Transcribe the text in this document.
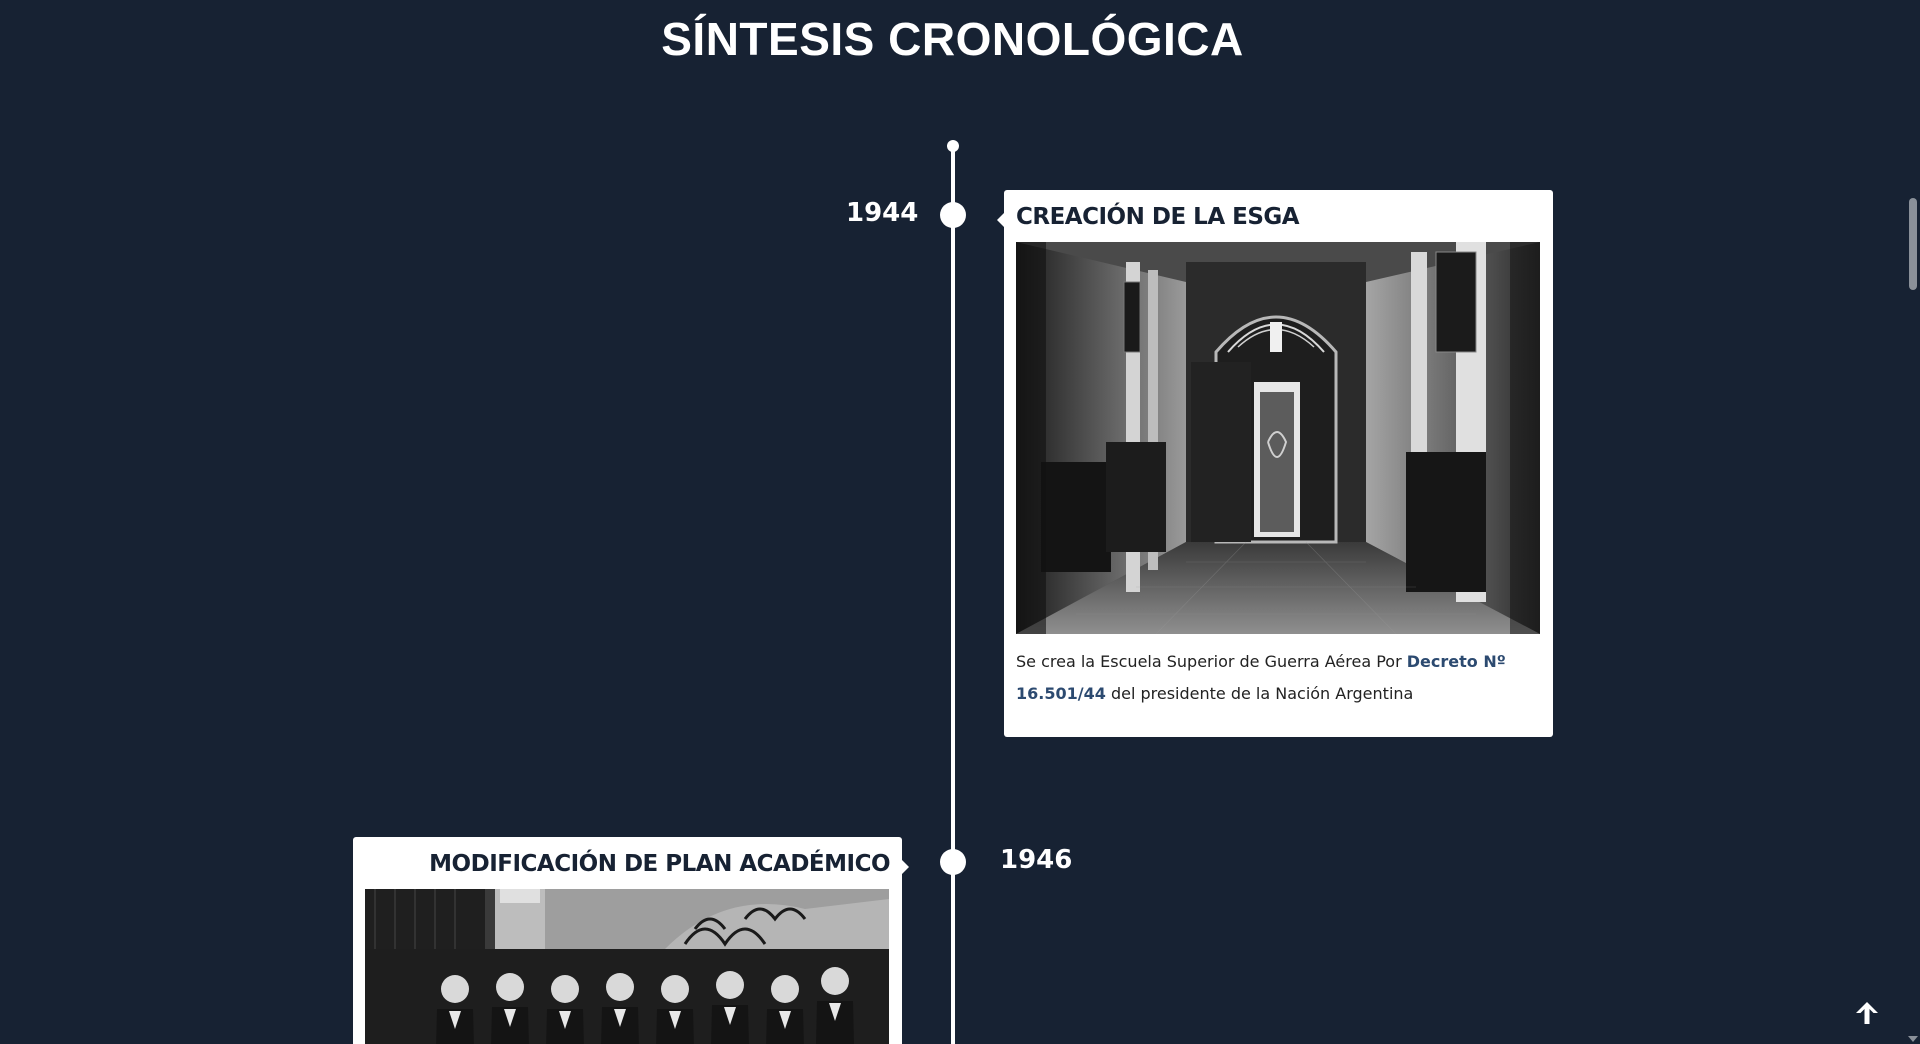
SÍNTESIS CRONOLÓGICA
1944	CREACIÓN DE LA ESGA

Se crea la Escuela Superior de Guerra Aérea Por Decreto Nº 16.501/44 del presidente de la Nación Argentina

1946
MODIFICACIÓN DE PLAN ACADÉMICO
